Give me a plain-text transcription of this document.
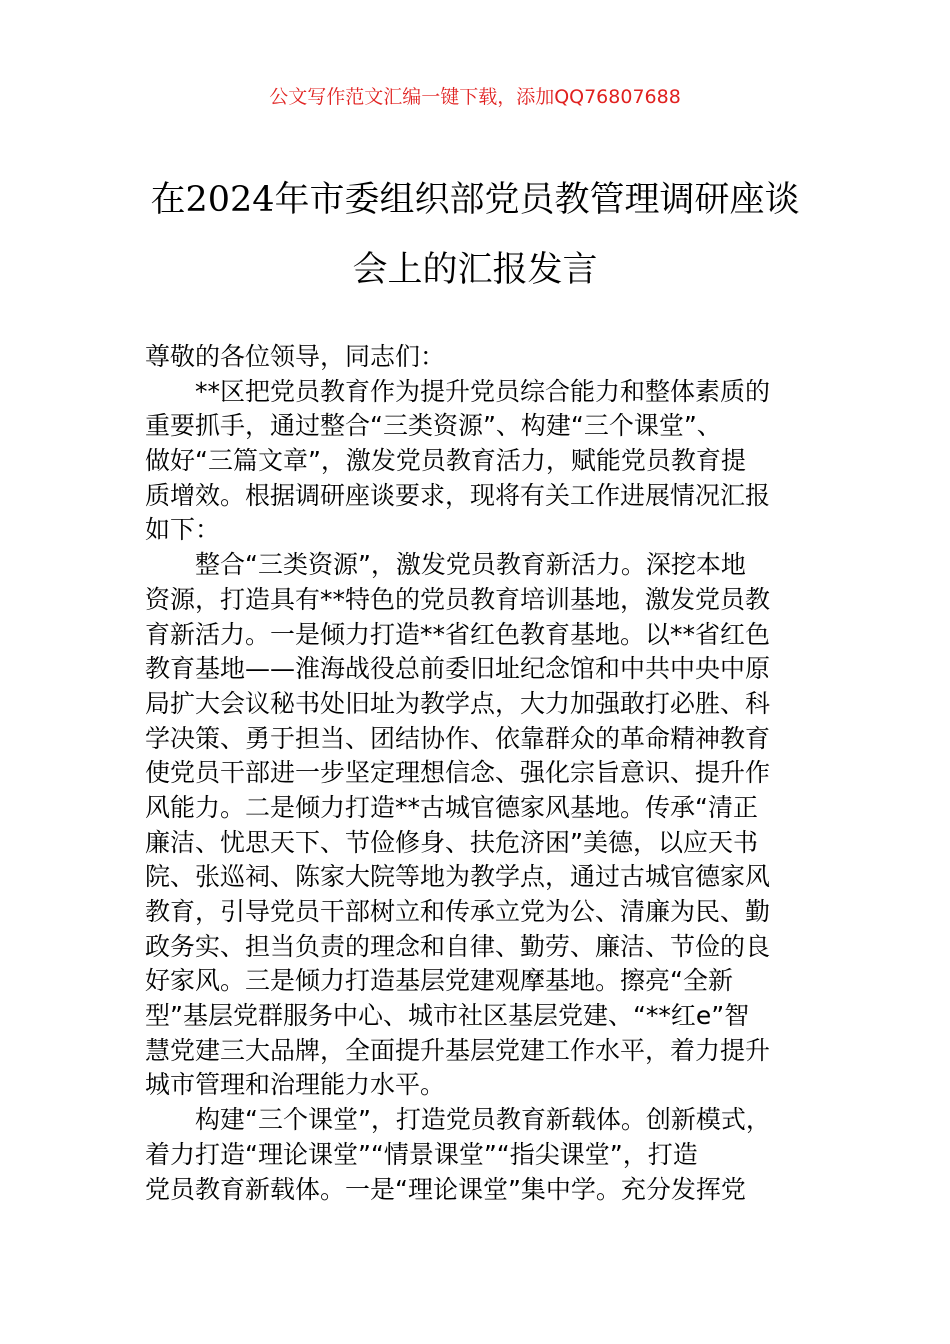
公文写作范文汇编一键下载，添加QQ76807688
在2024年市委组织部党员教管理调研座谈
会上的汇报发言
尊敬的各位领导，同志们：
　　**区把党员教育作为提升党员综合能力和整体素质的
重要抓手，通过整合“三类资源”、构建“三个课堂”、
做好“三篇文章”，激发党员教育活力，赋能党员教育提
质增效。根据调研座谈要求，现将有关工作进展情况汇报
如下：
　　整合“三类资源”，激发党员教育新活力。深挖本地
资源，打造具有**特色的党员教育培训基地，激发党员教
育新活力。一是倾力打造**省红色教育基地。以**省红色
教育基地——淮海战役总前委旧址纪念馆和中共中央中原
局扩大会议秘书处旧址为教学点，大力加强敢打必胜、科
学决策、勇于担当、团结协作、依靠群众的革命精神教育
使党员干部进一步坚定理想信念、强化宗旨意识、提升作
风能力。二是倾力打造**古城官德家风基地。传承“清正
廉洁、忧思天下、节俭修身、扶危济困”美德，以应天书
院、张巡祠、陈家大院等地为教学点，通过古城官德家风
教育，引导党员干部树立和传承立党为公、清廉为民、勤
政务实、担当负责的理念和自律、勤劳、廉洁、节俭的良
好家风。三是倾力打造基层党建观摩基地。擦亮“全新
型”基层党群服务中心、城市社区基层党建、“**红e”智
慧党建三大品牌，全面提升基层党建工作水平，着力提升
城市管理和治理能力水平。
　　构建“三个课堂”，打造党员教育新载体。创新模式，
着力打造“理论课堂”“情景课堂”“指尖课堂”，打造
党员教育新载体。一是“理论课堂”集中学。充分发挥党
